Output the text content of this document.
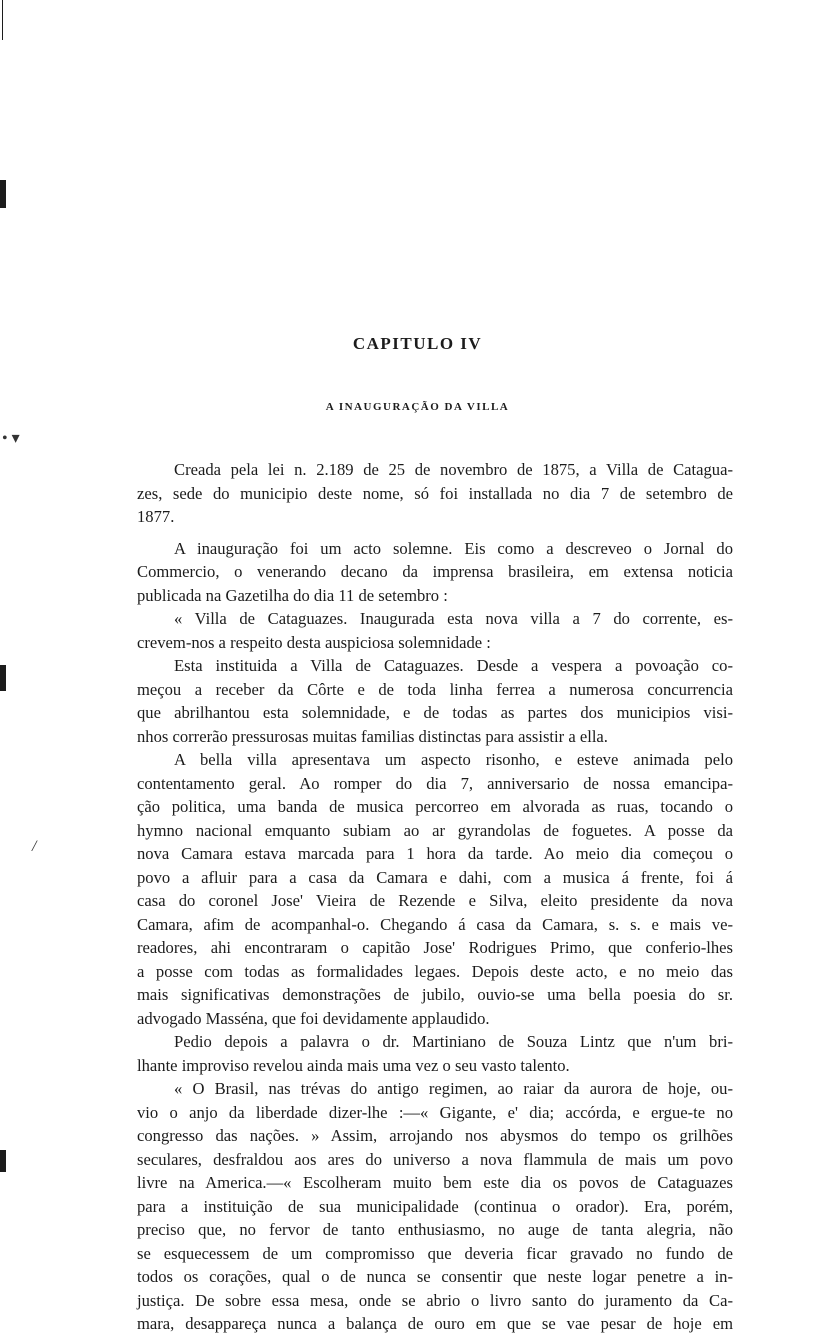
• ▾
/
CAPITULO IV
A INAUGURAÇÃO DA VILLA
Creada pela lei n. 2.189 de 25 de novembro de 1875, a Villa de Catagua-
zes, sede do municipio deste nome, só foi installada no dia 7 de setembro de
1877.
A inauguração foi um acto solemne. Eis como a descreveo o Jornal do
Commercio, o venerando decano da imprensa brasileira, em extensa noticia
publicada na Gazetilha do dia 11 de setembro :
« Villa de Cataguazes. Inaugurada esta nova villa a 7 do corrente, es-
crevem-nos a respeito desta auspiciosa solemnidade :
Esta instituida a Villa de Cataguazes. Desde a vespera a povoação co-
meçou a receber da Côrte e de toda linha ferrea a numerosa concurrencia
que abrilhantou esta solemnidade, e de todas as partes dos municipios visi-
nhos correrão pressurosas muitas familias distinctas para assistir a ella.
A bella villa apresentava um aspecto risonho, e esteve animada pelo
contentamento geral. Ao romper do dia 7, anniversario de nossa emancipa-
ção politica, uma banda de musica percorreo em alvorada as ruas, tocando o
hymno nacional emquanto subiam ao ar gyrandolas de foguetes. A posse da
nova Camara estava marcada para 1 hora da tarde. Ao meio dia começou o
povo a afluir para a casa da Camara e dahi, com a musica á frente, foi á
casa do coronel Jose' Vieira de Rezende e Silva, eleito presidente da nova
Camara, afim de acompanhal-o. Chegando á casa da Camara, s. s. e mais ve-
readores, ahi encontraram o capitão Jose' Rodrigues Primo, que conferio-lhes
a posse com todas as formalidades legaes. Depois deste acto, e no meio das
mais significativas demonstrações de jubilo, ouvio-se uma bella poesia do sr.
advogado Masséna, que foi devidamente applaudido.
Pedio depois a palavra o dr. Martiniano de Souza Lintz que n'um bri-
lhante improviso revelou ainda mais uma vez o seu vasto talento.
« O Brasil, nas trévas do antigo regimen, ao raiar da aurora de hoje, ou-
vio o anjo da liberdade dizer-lhe :—« Gigante, e' dia; accórda, e ergue-te no
congresso das nações. » Assim, arrojando nos abysmos do tempo os grilhões
seculares, desfraldou aos ares do universo a nova flammula de mais um povo
livre na America.—« Escolheram muito bem este dia os povos de Cataguazes
para a instituição de sua municipalidade (continua o orador). Era, porém,
preciso que, no fervor de tanto enthusiasmo, no auge de tanta alegria, não
se esquecessem de um compromisso que deveria ficar gravado no fundo de
todos os corações, qual o de nunca se consentir que neste logar penetre a in-
justiça. De sobre essa mesa, onde se abrio o livro santo do juramento da Ca-
mara, desappareça nunca a balança de ouro em que se vae pesar de hoje em
